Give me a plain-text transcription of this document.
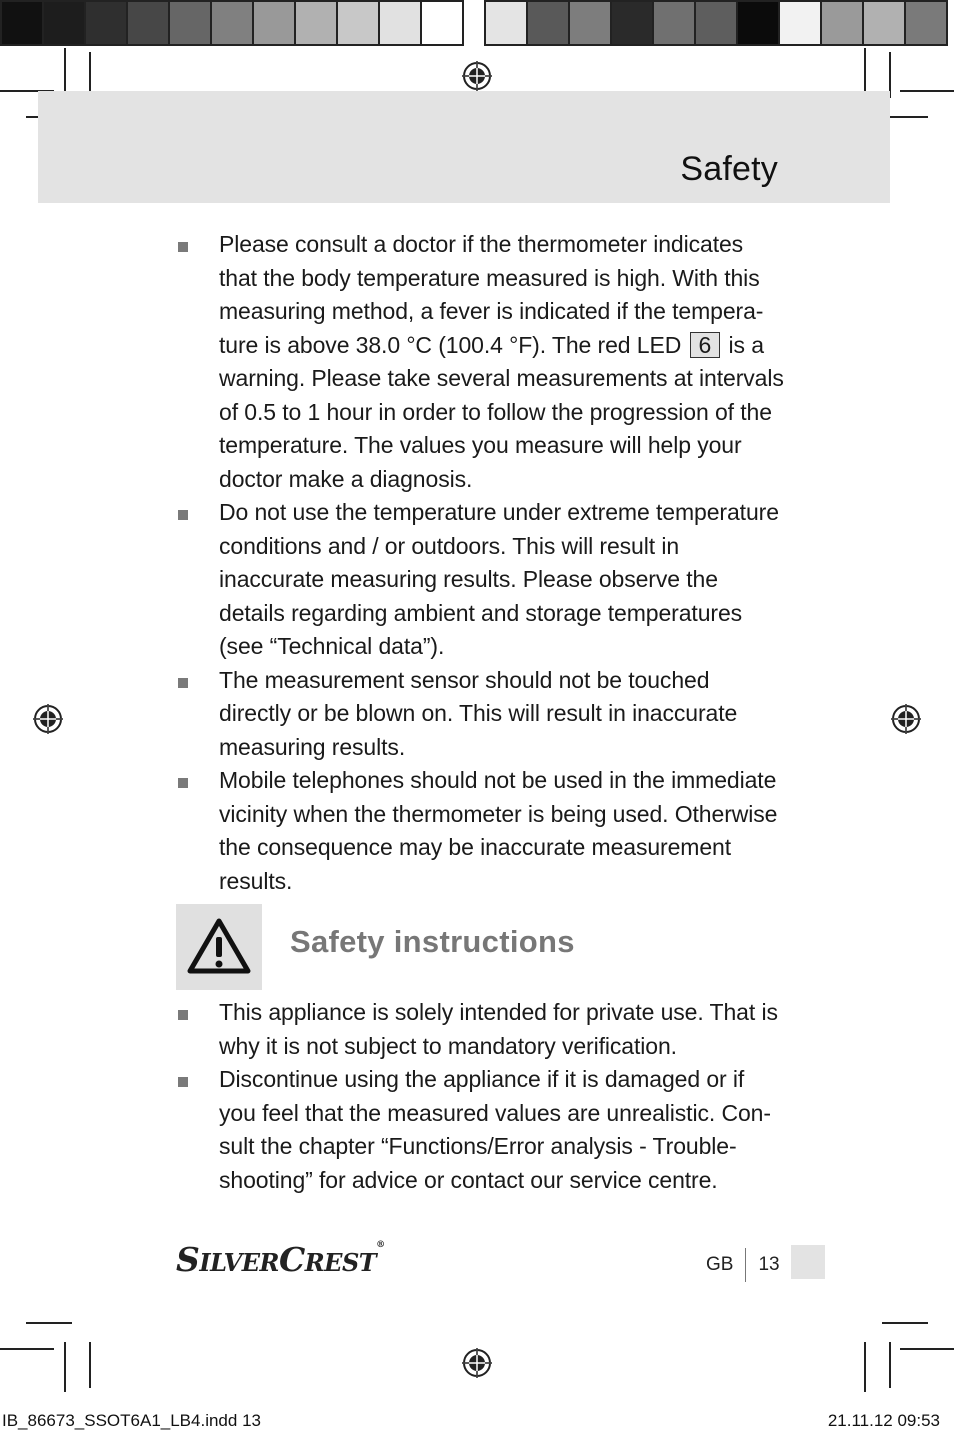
Safety
Please consult a doctor if the thermometer indicates that the body temperature measured is high. With this measuring method, a fever is indicated if the tempera-ture is above 38.0 °C (100.4 °F). The red LED 6 is a warning. Please take several measurements at intervals of 0.5 to 1 hour in order to follow the progression of the temperature. The values you measure will help your doctor make a diagnosis.
Do not use the temperature under extreme temperature conditions and / or outdoors. This will result in inaccurate measuring results. Please observe the details regarding ambient and storage temperatures (see “Technical data”).
The measurement sensor should not be touched directly or be blown on. This will result in inaccurate measuring results.
Mobile telephones should not be used in the immediate vicinity when the thermometer is being used. Otherwise the consequence may be inaccurate measurement results.
Safety instructions
This appliance is solely intended for private use. That is why it is not subject to mandatory verification.
Discontinue using the appliance if it is damaged or if you feel that the measured values are unrealistic. Con-sult the chapter “Functions/Error analysis - Trouble-shooting” for advice or contact our service centre.
SILVERCREST®
GB 13
IB_86673_SSOT6A1_LB4.indd 13	21.11.12 09:53
